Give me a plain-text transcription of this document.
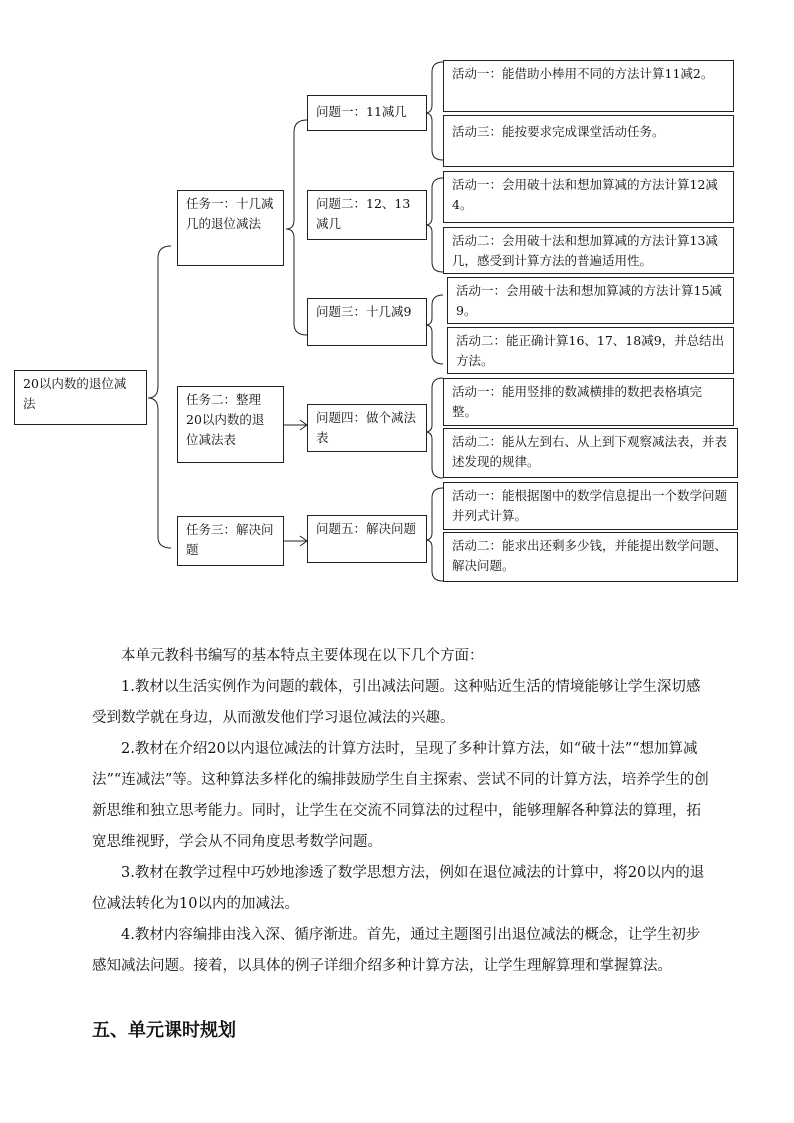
20以内数的退位减法
任务一：十几减几的退位减法
任务二：整理20以内数的退位减法表
任务三：解决问题
问题一：11减几
问题二：12、13减几
问题三：十几减9
问题四：做个减法表
问题五：解决问题
活动一：能借助小棒用不同的方法计算11减2。
活动三：能按要求完成课堂活动任务。
活动一：会用破十法和想加算减的方法计算12减4。
活动二：会用破十法和想加算减的方法计算13减几，感受到计算方法的普遍适用性。
活动一：会用破十法和想加算减的方法计算15减9。
活动二：能正确计算16、17、18减9，并总结出方法。
活动一：能用竖排的数减横排的数把表格填完整。
活动二：能从左到右、从上到下观察减法表，并表述发现的规律。
活动一：能根据图中的数学信息提出一个数学问题并列式计算。
活动二：能求出还剩多少钱，并能提出数学问题、解决问题。
本单元教科书编写的基本特点主要体现在以下几个方面：
1.教材以生活实例作为问题的载体，引出减法问题。这种贴近生活的情境能够让学生深切感受到数学就在身边，从而激发他们学习退位减法的兴趣。
2.教材在介绍20以内退位减法的计算方法时，呈现了多种计算方法，如“破十法”“想加算减法”“连减法”等。这种算法多样化的编排鼓励学生自主探索、尝试不同的计算方法，培养学生的创新思维和独立思考能力。同时，让学生在交流不同算法的过程中，能够理解各种算法的算理，拓宽思维视野，学会从不同角度思考数学问题。
3.教材在教学过程中巧妙地渗透了数学思想方法，例如在退位减法的计算中，将20以内的退位减法转化为10以内的加减法。
4.教材内容编排由浅入深、循序渐进。首先，通过主题图引出退位减法的概念，让学生初步感知减法问题。接着，以具体的例子详细介绍多种计算方法，让学生理解算理和掌握算法。
五、单元课时规划
